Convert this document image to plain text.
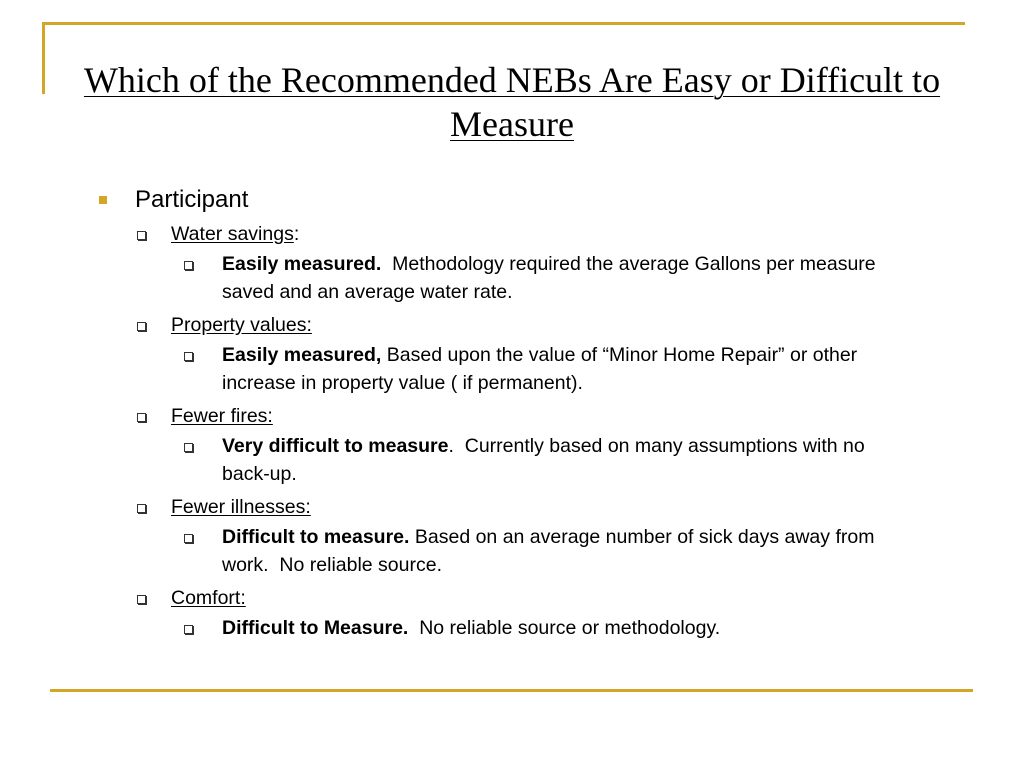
Which of the Recommended NEBs Are Easy or Difficult to Measure
Participant
Water savings:
Easily measured.  Methodology required the average Gallons per measure saved and an average water rate.
Property values:
Easily measured, Based upon the value of “Minor Home Repair” or other increase in property value ( if permanent).
Fewer fires:
Very difficult to measure.  Currently based on many assumptions with no back-up.
Fewer illnesses:
Difficult to measure. Based on an average number of sick days away from work.  No reliable source.
Comfort:
Difficult to Measure.  No reliable source or methodology.
